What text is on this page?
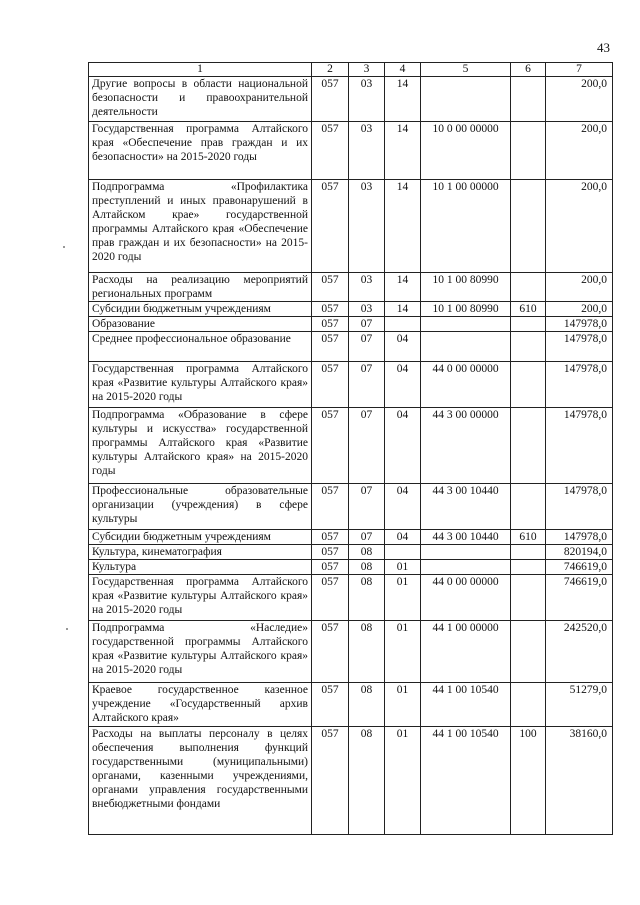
43
1	2	3	4	5	6	7
Другие вопросы в области национальной безопасности и правоохранительной деятельности	057	03	14			200,0
Государственная программа Алтайского края «Обеспечение прав граждан и их безопасности» на 2015-2020 годы	057	03	14	10 0 00 00000		200,0
Подпрограмма «Профилактика преступлений и иных правонарушений в Алтайском крае» государственной программы Алтайского края «Обеспечение прав граждан и их безопасности» на 2015-2020 годы	057	03	14	10 1 00 00000		200,0
Расходы на реализацию мероприятий региональных программ	057	03	14	10 1 00 80990		200,0
Субсидии бюджетным учреждениям	057	03	14	10 1 00 80990	610	200,0
Образование	057	07				147978,0
Среднее профессиональное образование	057	07	04			147978,0
Государственная программа Алтайского края «Развитие культуры Алтайского края» на 2015-2020 годы	057	07	04	44 0 00 00000		147978,0
Подпрограмма «Образование в сфере культуры и искусства» государственной программы Алтайского края «Развитие культуры Алтайского края» на 2015-2020 годы	057	07	04	44 3 00 00000		147978,0
Профессиональные образовательные организации (учреждения) в сфере культуры	057	07	04	44 3 00 10440		147978,0
Субсидии бюджетным учреждениям	057	07	04	44 3 00 10440	610	147978,0
Культура, кинематография	057	08				820194,0
Культура	057	08	01			746619,0
Государственная программа Алтайского края «Развитие культуры Алтайского края» на 2015-2020 годы	057	08	01	44 0 00 00000		746619,0
Подпрограмма «Наследие» государственной программы Алтайского края «Развитие культуры Алтайского края» на 2015-2020 годы	057	08	01	44 1 00 00000		242520,0
Краевое государственное казенное учреждение «Государственный архив Алтайского края»	057	08	01	44 1 00 10540		51279,0
Расходы на выплаты персоналу в целях обеспечения выполнения функций государственными (муниципальными) органами, казенными учреждениями, органами управления государственными внебюджетными фондами	057	08	01	44 1 00 10540	100	38160,0
